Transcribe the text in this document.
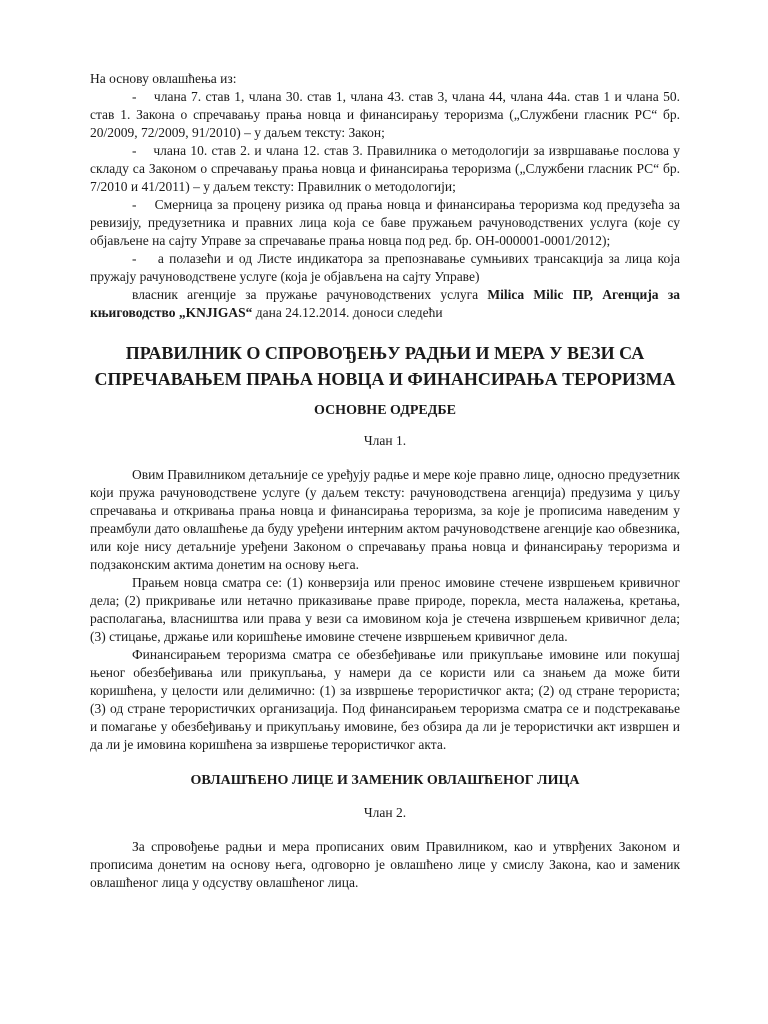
На основу овлашћења из:

-    члана 7. став 1, члана 30. став 1, члана 43. став 3, члана 44, члана 44а. став 1 и члана 50. став 1. Закона о спречавању прања новца и финансирању тероризма („Службени гласник РС“ бр. 20/2009, 72/2009, 91/2010) – у даљем тексту: Закон;

-    члана 10. став 2. и члана 12. став 3. Правилника о методологији за извршавање послова у складу са Законом о спречавању прања новца и финансирања тероризма („Службени гласник РС“ бр. 7/2010 и 41/2011) – у даљем тексту: Правилник о методологији;

-    Смерница за процену ризика од прања новца и финансирања тероризма код предузећа за ревизију, предузетника и правних лица која се баве пружањем рачуноводствених услуга (које су објављене на сајту Управе за спречавање прања новца под ред. бр. ОН-000001-0001/2012);

-    а полазећи и од Листе индикатора за препознавање сумњивих трансакција за лица која пружају рачуноводствене услуге (која је објављена на сајту Управе)

власник агенције за пружање рачуноводствених услуга Milica Milic ПР, Агенција за књиговодство „KNJIGAS“ дана 24.12.2014. доноси следећи

ПРАВИЛНИК О СПРОВОЂЕЊУ РАДЊИ И МЕРА У ВЕЗИ СА СПРЕЧАВАЊЕМ ПРАЊА НОВЦА И ФИНАНСИРАЊА ТЕРОРИЗМА

ОСНОВНЕ ОДРЕДБЕ

Члан 1.

Овим Правилником детаљније се уређују радње и мере које правно лице, односно предузетник који пружа рачуноводствене услуге (у даљем тексту: рачуноводствена агенција) предузима у циљу спречавања и откривања прања новца и финансирања тероризма, за које је прописима наведеним у преамбули дато овлашћење да буду уређени интерним актом рачуноводствене агенције као обвезника, или које нису детаљније уређени Законом о спречавању прања новца и финансирању тероризма и подзаконским актима донетим на основу њега.

Прањем новца сматра се: (1) конверзија или пренос имовине стечене извршењем кривичног дела; (2) прикривање или нетачно приказивање праве природе, порекла, места налажења, кретања, располагања, власништва или права у вези са имовином која је стечена извршењем кривичног дела; (3) стицање, држање или коришћење имовине стечене извршењем кривичног дела.

Финансирањем тероризма сматра се обезбеђивање или прикупљање имовине или покушај њеног обезбеђивања или прикупљања, у намери да се користи или са знањем да може бити коришћена, у целости или делимично: (1) за извршење терористичког акта; (2) од стране терориста; (3) од стране терористичких организација. Под финансирањем тероризма сматра се и подстрекавање и помагање у обезбеђивању и прикупљању имовине, без обзира да ли је терористички акт извршен и да ли је имовина коришћена за извршење терористичког акта.

ОВЛАШЋЕНО ЛИЦЕ И ЗАМЕНИК ОВЛАШЋЕНОГ ЛИЦА

Члан 2.

За спровођење радњи и мера прописаних овим Правилником, као и утврђених Законом и прописима донетим на основу њега, одговорно је овлашћено лице у смислу Закона, као и заменик овлашћеног лица у одсуству овлашћеног лица.
